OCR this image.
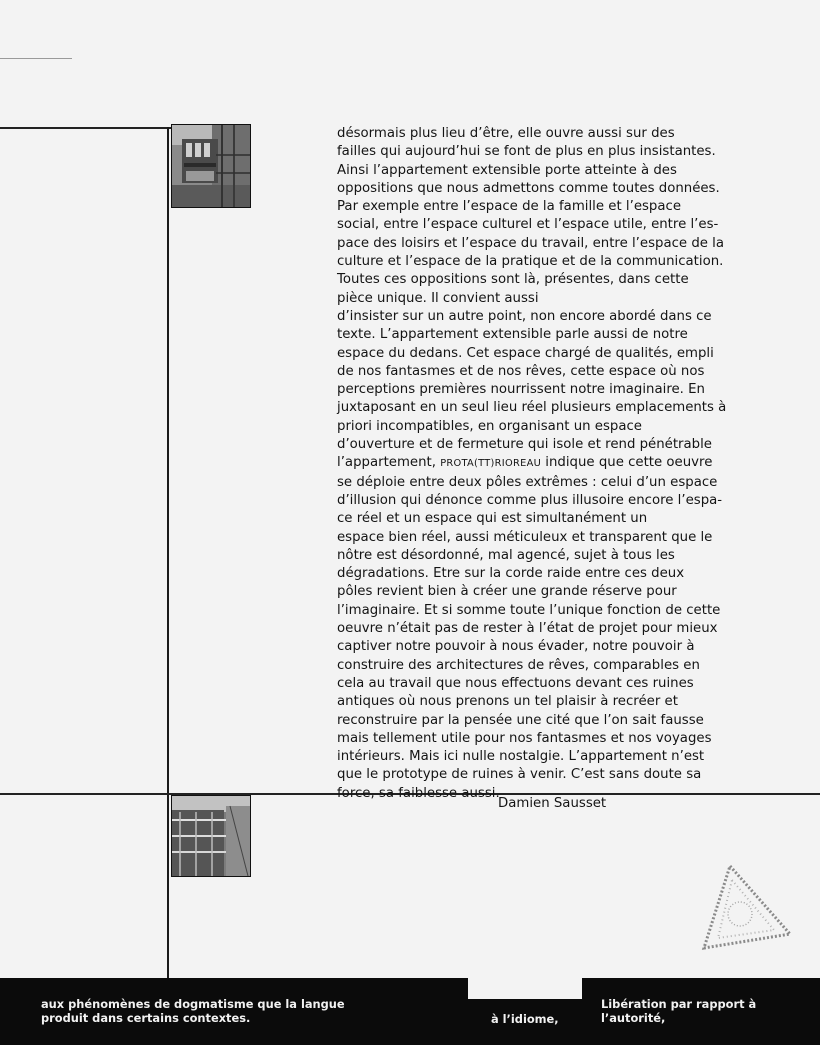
désormais plus lieu d’être, elle ouvre aussi sur des
failles qui aujourd’hui se font de plus en plus insistantes.
Ainsi l’appartement extensible porte atteinte à des
oppositions que nous admettons comme toutes données.
Par exemple entre l’espace de la famille et l’espace
social, entre l’espace culturel et l’espace utile, entre l’es-
pace des loisirs et l’espace du travail, entre l’espace de la
culture et l’espace de la pratique et de la communication.
Toutes ces oppositions sont là, présentes, dans cette
pièce unique. Il convient aussi
d’insister sur un autre point, non encore abordé dans ce
texte. L’appartement extensible parle aussi de notre
espace du dedans. Cet espace chargé de qualités, empli
de nos fantasmes et de nos rêves, cette espace où nos
perceptions premières nourrissent notre imaginaire. En
juxtaposant en un seul lieu réel plusieurs emplacements à
priori incompatibles, en organisant un espace
d’ouverture et de fermeture qui isole et rend pénétrable
l’appartement, PROTA(TT)RIOREAU indique que cette oeuvre
se déploie entre deux pôles extrêmes : celui d’un espace
d’illusion qui dénonce comme plus illusoire encore l’espa-
ce réel et un espace qui est simultanément un
espace bien réel, aussi méticuleux et transparent que le
nôtre est désordonné, mal agencé, sujet à tous les
dégradations. Etre sur la corde raide entre ces deux
pôles revient bien à créer une grande réserve pour
l’imaginaire. Et si somme toute l’unique fonction de cette
oeuvre n’était pas de rester à l’état de projet pour mieux
captiver notre pouvoir à nous évader, notre pouvoir à
construire des architectures de rêves, comparables en
cela au travail que nous effectuons devant ces ruines
antiques où nous prenons un tel plaisir à recréer et
reconstruire par la pensée une cité que l’on sait fausse
mais tellement utile pour nos fantasmes et nos voyages
intérieurs. Mais ici nulle nostalgie. L’appartement n’est
que le prototype de ruines à venir. C’est sans doute sa
force, sa faiblesse aussi.
Damien Sausset
aux phénomènes de dogmatisme que la langue
produit dans certains contextes.	à l’idiome,
Libération par rapport à
l’autorité,
